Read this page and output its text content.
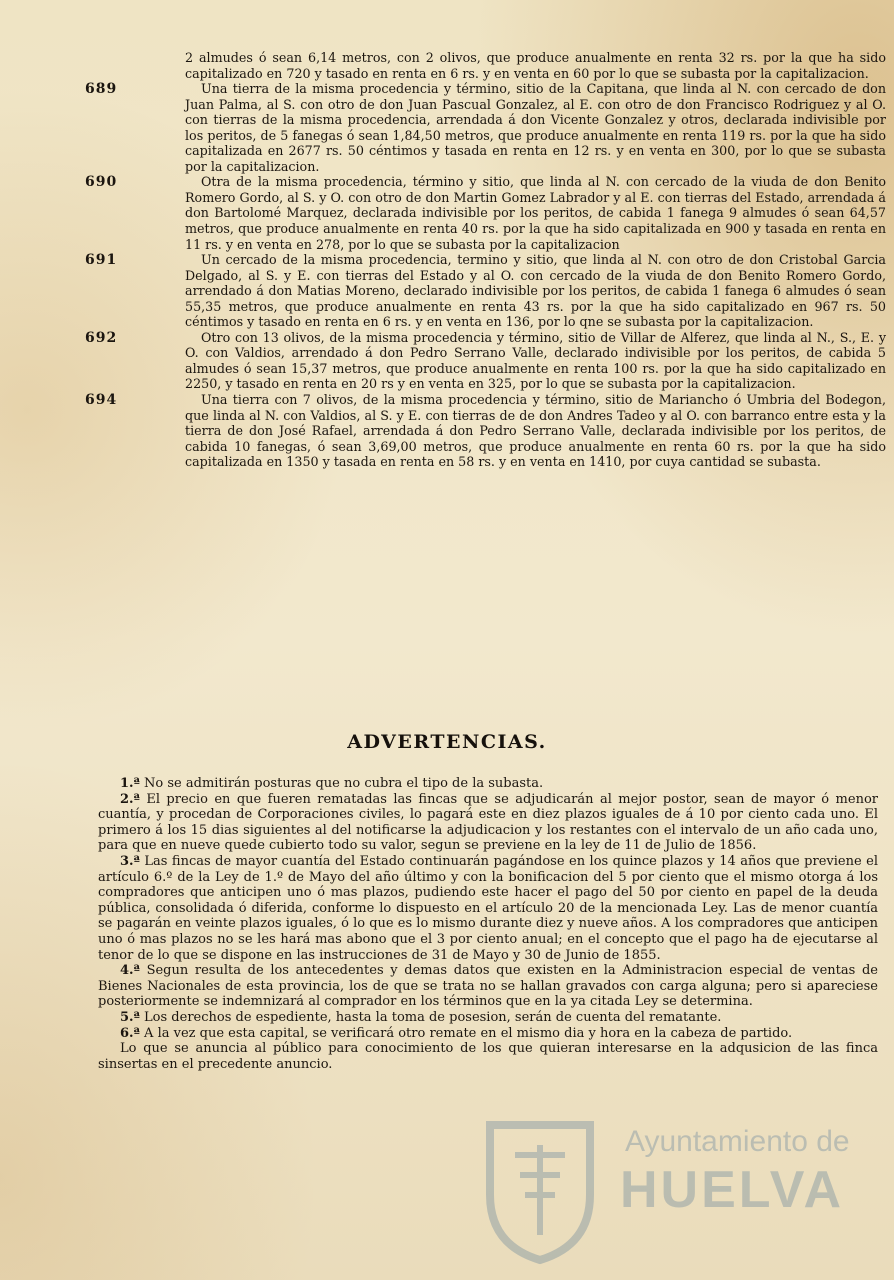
2 almudes ó sean 6,14 metros, con 2 olivos, que produce anualmente en renta 32 rs. por la que ha sido capitalizado en 720 y tasado en renta en 6 rs. y en venta en 60 por lo que se subasta por la capitalizacion.
689	Una tierra de la misma procedencia y término, sitio de la Capitana, que linda al N. con cercado de don Juan Palma, al S. con otro de don Juan Pascual Gonzalez, al E. con otro de don Francisco Rodriguez y al O. con tierras de la misma procedencia, arrendada á don Vicente Gonzalez y otros, declarada indivisible por los peritos, de 5 fanegas ó sean 1,84,50 metros, que produce anualmente en renta 119 rs. por la que ha sido capitalizada en 2677 rs. 50 céntimos y tasada en renta en 12 rs. y en venta en 300, por lo que se subasta por la capitalizacion.
690	Otra de la misma procedencia, término y sitio, que linda al N. con cercado de la viuda de don Benito Romero Gordo, al S. y O. con otro de don Martin Gomez Labrador y al E. con tierras del Estado, arrendada á don Bartolomé Marquez, declarada indivisible por los peritos, de cabida 1 fanega 9 almudes ó sean 64,57 metros, que produce anualmente en renta 40 rs. por la que ha sido capitalizada en 900 y tasada en renta en 11 rs. y en venta en 278, por lo que se subasta por la capitalizacion
691	Un cercado de la misma procedencia, termino y sitio, que linda al N. con otro de don Cristobal Garcia Delgado, al S. y E. con tierras del Estado y al O. con cercado de la viuda de don Benito Romero Gordo, arrendado á don Matias Moreno, declarado indivisible por los peritos, de cabida 1 fanega 6 almudes ó sean 55,35 metros, que produce anualmente en renta 43 rs. por la que ha sido capitalizado en 967 rs. 50 céntimos y tasado en renta en 6 rs. y en venta en 136, por lo qne se subasta por la capitalizacion.
692	Otro con 13 olivos, de la misma procedencia y término, sitio de Villar de Alferez, que linda al N., S., E. y O. con Valdios, arrendado á don Pedro Serrano Valle, declarado indivisible por los peritos, de cabida 5 almudes ó sean 15,37 metros, que produce anualmente en renta 100 rs. por la que ha sido capitalizado en 2250, y tasado en renta en 20 rs y en venta en 325, por lo que se subasta por la capitalizacion.
694	Una tierra con 7 olivos, de la misma procedencia y término, sitio de Mariancho ó Umbria del Bodegon, que linda al N. con Valdios, al S. y E. con tierras de de don Andres Tadeo y al O. con barranco entre esta y la tierra de don José Rafael, arrendada á don Pedro Serrano Valle, declarada indivisible por los peritos, de cabida 10 fanegas, ó sean 3,69,00 metros, que produce anualmente en renta 60 rs. por la que ha sido capitalizada en 1350 y tasada en renta en 58 rs. y en venta en 1410, por cuya cantidad se subasta.
ADVERTENCIAS.

1.ª No se admitirán posturas que no cubra el tipo de la subasta.

2.ª El precio en que fueren rematadas las fincas que se adjudicarán al mejor postor, sean de mayor ó menor cuantía, y procedan de Corporaciones civiles, lo pagará este en diez plazos iguales de á 10 por ciento cada uno. El primero á los 15 dias siguientes al del notificarse la adjudicacion y los restantes con el intervalo de un año cada uno, para que en nueve quede cubierto todo su valor, segun se previene en la ley de 11 de Julio de 1856.

3.ª Las fincas de mayor cuantía del Estado continuarán pagándose en los quince plazos y 14 años que previene el artículo 6.º de la Ley de 1.º de Mayo del año último y con la bonificacion del 5 por ciento que el mismo otorga á los compradores que anticipen uno ó mas plazos, pudiendo este hacer el pago del 50 por ciento en papel de la deuda pública, consolidada ó diferida, conforme lo dispuesto en el artículo 20 de la mencionada Ley. Las de menor cuantía se pagarán en veinte plazos iguales, ó lo que es lo mismo durante diez y nueve años. A los compradores que anticipen uno ó mas plazos no se les hará mas abono que el 3 por ciento anual; en el concepto que el pago ha de ejecutarse al tenor de lo que se dispone en las instrucciones de 31 de Mayo y 30 de Junio de 1855.

4.ª Segun resulta de los antecedentes y demas datos que existen en la Administracion especial de ventas de Bienes Nacionales de esta provincia, los de que se trata no se hallan gravados con carga alguna; pero si apareciese posteriormente se indemnizará al comprador en los términos que en la ya citada Ley se determina.

5.ª Los derechos de espediente, hasta la toma de posesion, serán de cuenta del rematante.

6.ª A la vez que esta capital, se verificará otro remate en el mismo dia y hora en la cabeza de partido.

Lo que se anuncia al público para conocimiento de los que quieran interesarse en la adqusicion de las finca sinsertas en el precedente anuncio.

Ayuntamiento de
HUELVA
